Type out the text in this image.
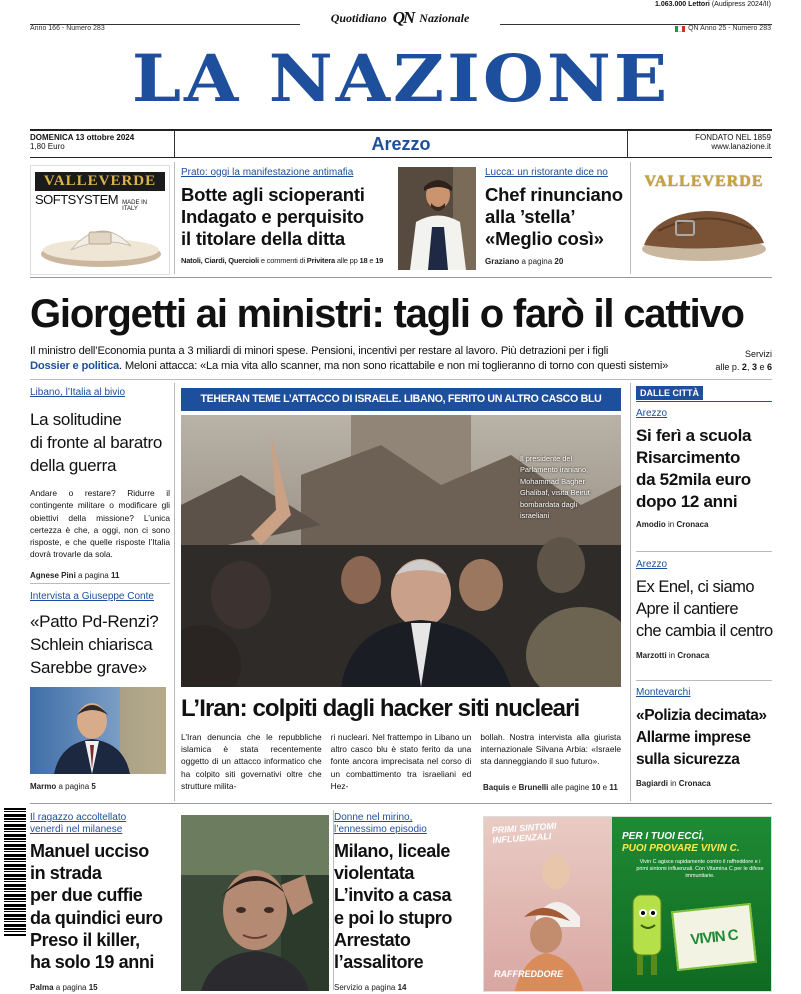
Quotidiano QN Nazionale
1.063.000 Lettori (Audipress 2024/II)
Anno 166 - Numero 283	QN Anno 25 - Numero 283
LA NAZIONE
DOMENICA 13 ottobre 2024
1,80 Euro	Arezzo	FONDATO NEL 1859
www.lanazione.it
VALLEVERDE
SOFTSYSTEM MADE IN ITALY
Prato: oggi la manifestazione antimafia
Botte agli scioperanti
Indagato e perquisito
il titolare della ditta
Natoli, Ciardi, Quercioli e commenti di Privitera alle pp 18 e 19
Lucca: un ristorante dice no
Chef rinunciano
alla ’stella’
«Meglio così»
Graziano a pagina 20
VALLEVERDE
Giorgetti ai ministri: tagli o farò il cattivo
Il ministro dell’Economia punta a 3 miliardi di minori spese. Pensioni, incentivi per restare al lavoro. Più detrazioni per i figli
Dossier e politica. Meloni attacca: «La mia vita allo scanner, ma non sono ricattabile e non mi toglieranno di torno con questi sistemi»
Servizi
alle p. 2, 3 e 6
Libano, l’Italia al bivio
La solitudine
di fronte al baratro
della guerra

Andare o restare? Ridurre il contingente militare o modificare gli obiettivi della missione? L’unica certezza è che, a oggi, non ci sono risposte, e che quelle risposte l’Italia dovrà trovarle da sola.

Agnese Pini a pagina 11
Intervista a Giuseppe Conte
«Patto Pd-Renzi?
Schlein chiarisca
Sarebbe grave»
Marmo a pagina 5
TEHERAN TEME L’ATTACCO DI ISRAELE. LIBANO, FERITO UN ALTRO CASCO BLU
Il presidente del Parlamento iraniano, Mohammad Bagher Ghalibaf, visita Beirut bombardata dagli israeliani
L’Iran: colpiti dagli hacker siti nucleari

L’Iran denuncia che le repubbliche islamica è stata recentemente oggetto di un attacco informatico che ha colpito siti governativi oltre che strutture milita-

ri nucleari. Nel frattempo in Libano un altro casco blu è stato ferito da una fonte ancora imprecisata nel corso di un combattimento tra israeliani ed Hez-

bollah. Nostra intervista alla giurista internazionale Silvana Arbia: «Israele sta danneggiando il suo futuro».

Baquis e Brunelli alle pagine 10 e 11
DALLE CITTÀ
Arezzo
Si ferì a scuola
Risarcimento
da 52mila euro
dopo 12 anni
Amodio in Cronaca
Arezzo
Ex Enel, ci siamo
Apre il cantiere
che cambia il centro
Marzotti in Cronaca
Montevarchi
«Polizia decimata»
Allarme imprese
sulla sicurezza
Bagiardi in Cronaca
Il ragazzo accoltellato
venerdì nel milanese
Manuel ucciso
in strada
per due cuffie
da quindici euro
Preso il killer,
ha solo 19 anni
Palma a pagina 15
Donne nel mirino,
l’ennessimo episodio
Milano, liceale
violentata
L’invito a casa
e poi lo stupro
Arrestato
l’assalitore
Servizio a pagina 14
PRIMI SINTOMI
INFLUENZALI
RAFFREDDORE
PER I TUOI ECCÌ,
PUOI PROVARE VIVIN C.
Vivin C agisce rapidamente contro il raffreddore e i primi sintomi influenzali. Con Vitamina C per le difese immunitarie.
VIVIN C
